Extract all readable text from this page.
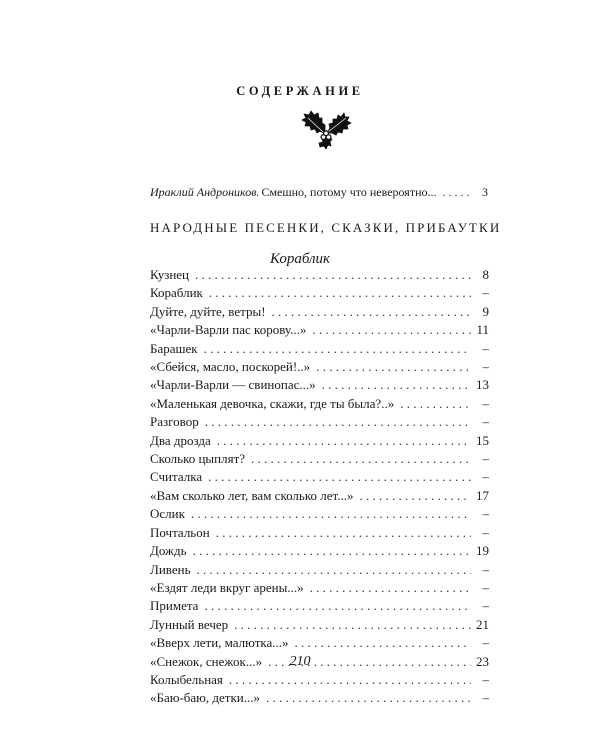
СОДЕРЖАНИЕ
Ираклий Андроников. Смешно, потому что невероятно... . . .	3
НАРОДНЫЕ ПЕСЕНКИ, СКАЗКИ, ПРИБАУТКИ
Кораблик
Кузнец . . .	8
Кораблик . . .	–
Дуйте, дуйте, ветры! . . .	9
«Чарли-Варли пас корову...» . . .	11
Барашек . . .	–
«Сбейся, масло, поскорей!..» . . .	–
«Чарли-Варли — свинопас...» . . .	13
«Маленькая девочка, скажи, где ты была?..» . . .	–
Разговор . . .	–
Два дрозда . . .	15
Сколько цыплят? . . .	–
Считалка . . .	–
«Вам сколько лет, вам сколько лет...» . . .	17
Ослик . . .	–
Почтальон . . .	–
Дождь . . .	19
Ливень . . .	–
«Ездят леди вкруг арены...» . . .	–
Примета . . .	–
Лунный вечер . . .	21
«Вверх лети, малютка...» . . .	–
«Снежок, снежок...» . . .	23
Колыбельная . . .	–
«Баю-баю, детки...» . . .	–
210
